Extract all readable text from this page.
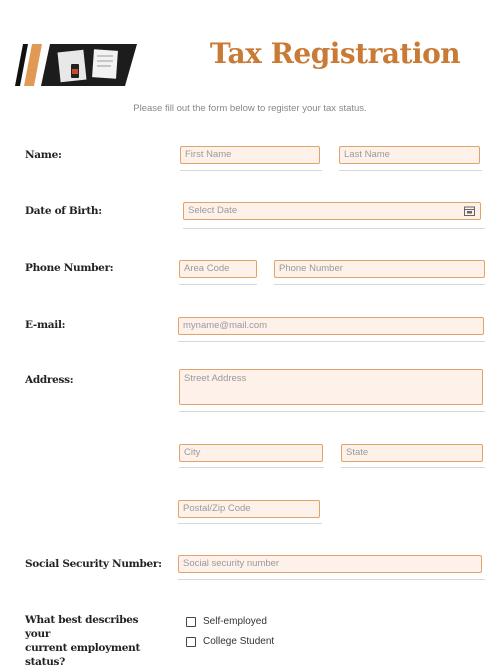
Tax Registration
Please fill out the form below to register your tax status.
Name:	First Name	Last Name
Date of Birth:	Select Date
Phone Number:	Area Code	Phone Number
E-mail:	myname@mail.com
Address:	Street Address
City	State
Postal/Zip Code
Social Security Number:	Social security number
What best describes your
current employment
status?
Self-employed
College Student
